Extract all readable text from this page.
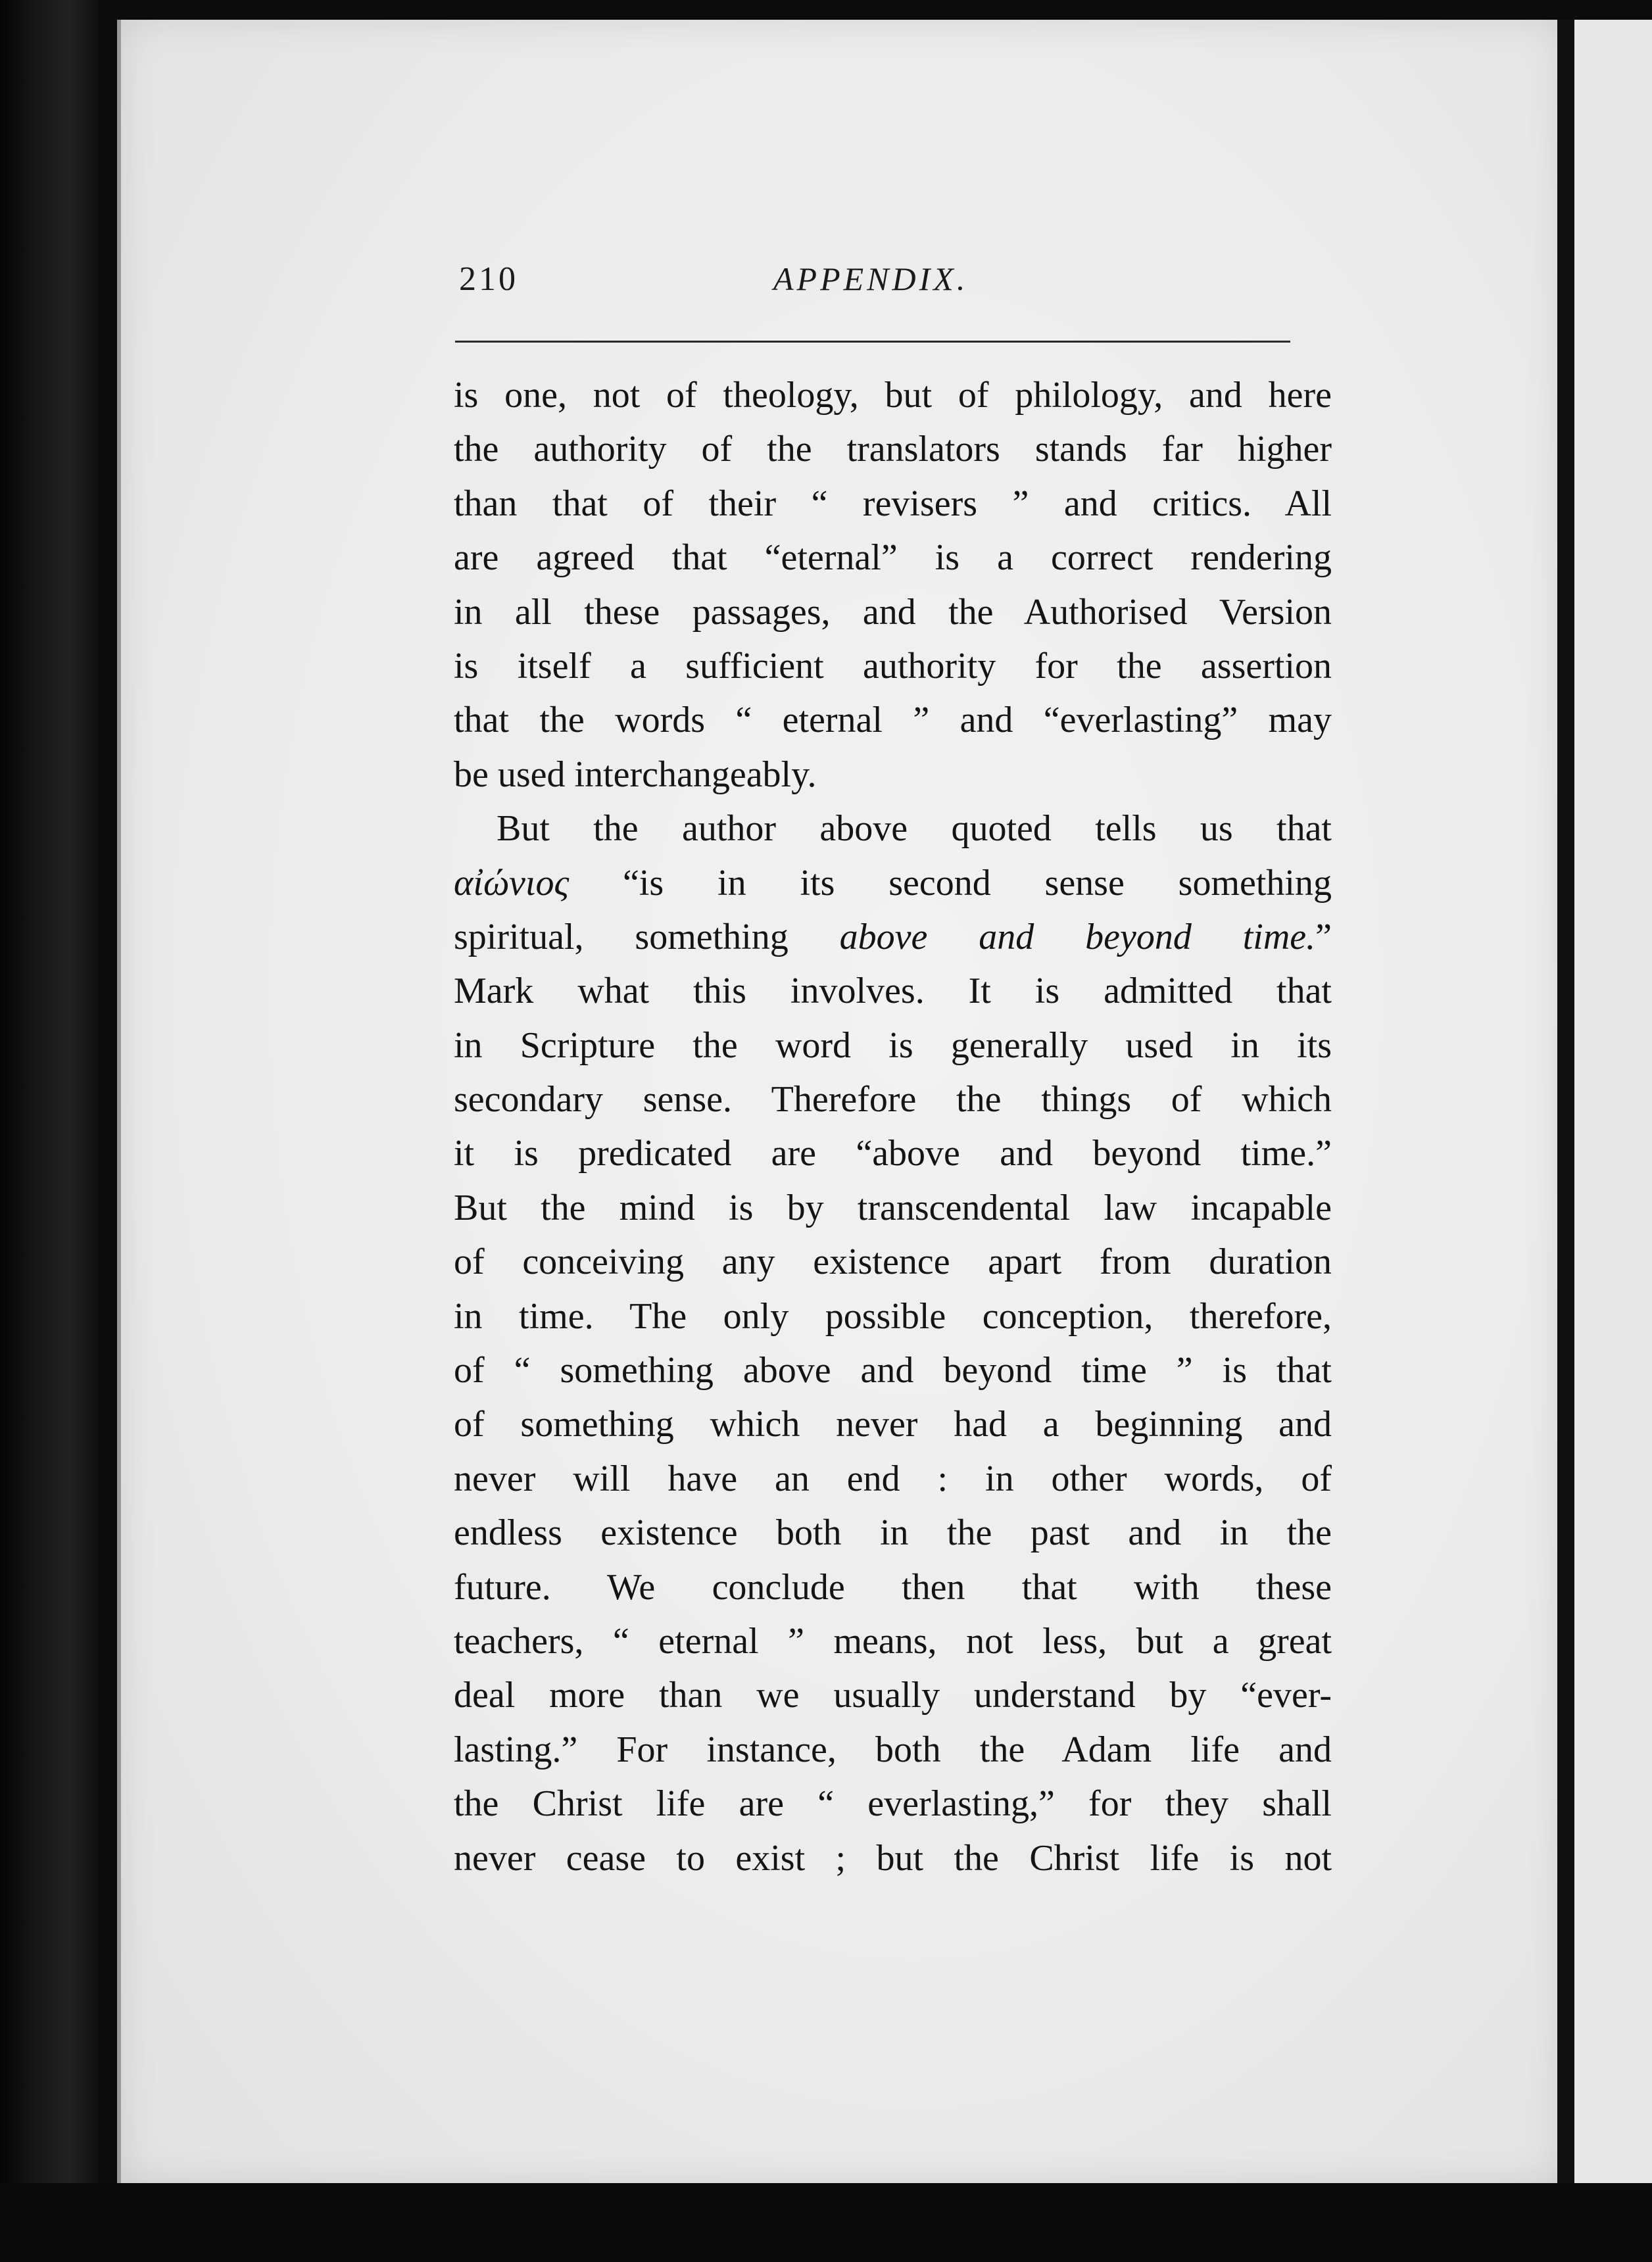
210	APPENDIX.
is one, not of theology, but of philology, and here
the authority of the translators stands far higher
than that of their “ revisers ” and critics. All
are agreed that “eternal” is a correct rendering
in all these passages, and the Authorised Version
is itself a sufficient authority for the assertion
that the words “ eternal ” and “everlasting” may
be used interchangeably.
But the author above quoted tells us that
αἰώνιος “is in its second sense something
spiritual, something above and beyond time.”
Mark what this involves. It is admitted that
in Scripture the word is generally used in its
secondary sense. Therefore the things of which
it is predicated are “above and beyond time.”
But the mind is by transcendental law incapable
of conceiving any existence apart from duration
in time. The only possible conception, therefore,
of “ something above and beyond time ” is that
of something which never had a beginning and
never will have an end : in other words, of
endless existence both in the past and in the
future. We conclude then that with these
teachers, “ eternal ” means, not less, but a great
deal more than we usually understand by “ever-
lasting.” For instance, both the Adam life and
the Christ life are “ everlasting,” for they shall
never cease to exist ; but the Christ life is not
